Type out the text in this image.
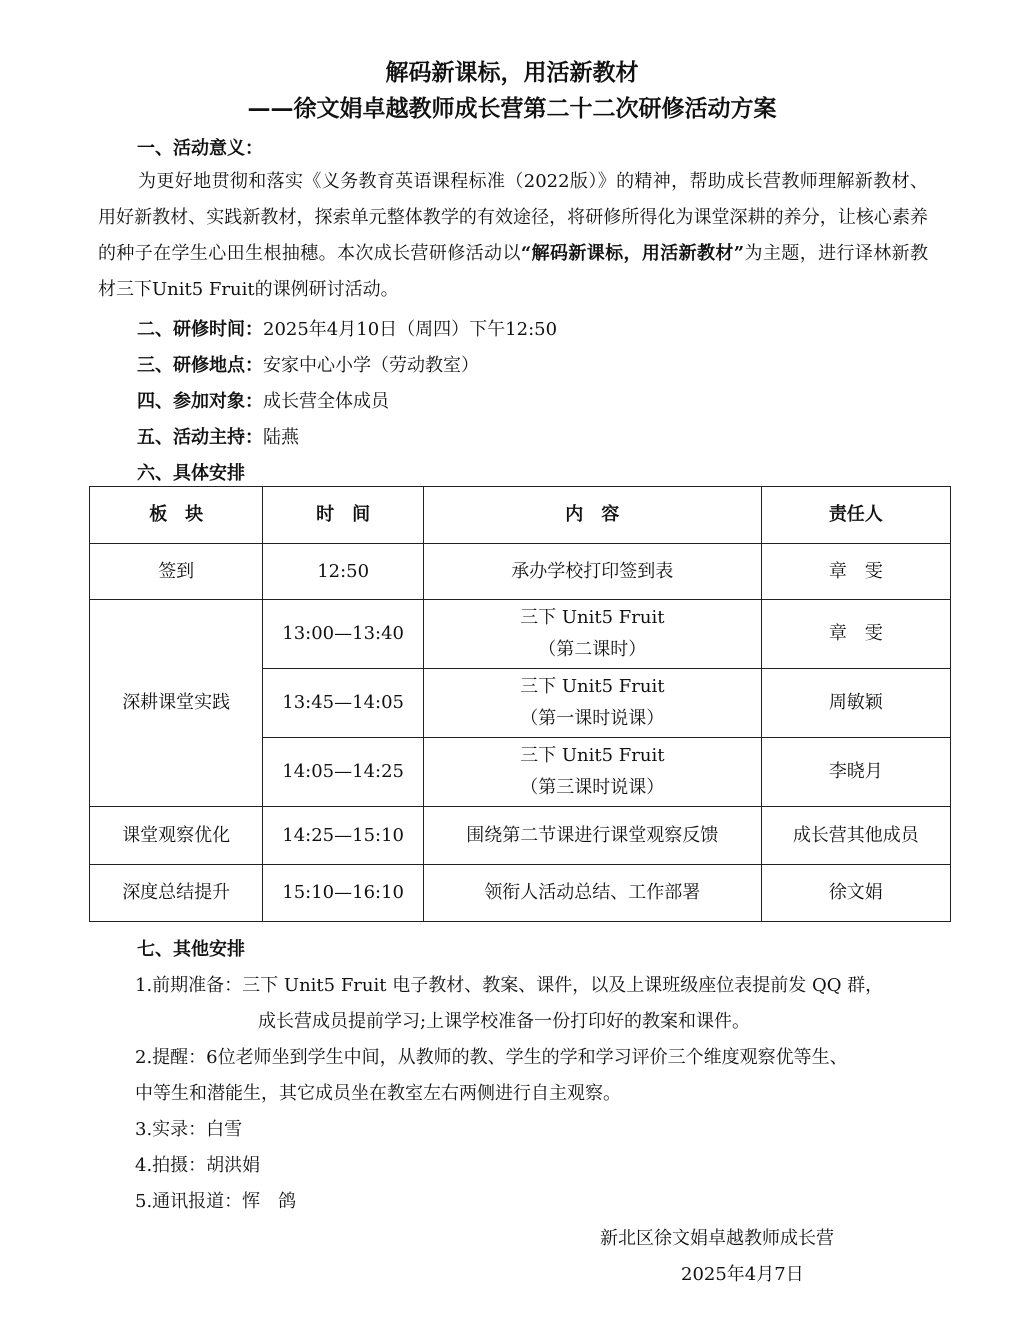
解码新课标，用活新教材
——徐文娟卓越教师成长营第二十二次研修活动方案
一、活动意义：
为更好地贯彻和落实《义务教育英语课程标准（2022版）》的精神，帮助成长营教师理解新教材、用好新教材、实践新教材，探索单元整体教学的有效途径，将研修所得化为课堂深耕的养分，让核心素养的种子在学生心田生根抽穗。本次成长营研修活动以“解码新课标，用活新教材”为主题，进行译林新教材三下Unit5 Fruit的课例研讨活动。
二、研修时间：2025年4月10日（周四）下午12:50
三、研修地点：安家中心小学（劳动教室）
四、参加对象：成长营全体成员
五、活动主持：陆燕
六、具体安排
板　块	时　间	内　容	责任人
签到	12:50	承办学校打印签到表	章　雯
深耕课堂实践	13:00—13:40	三下 Unit5 Fruit
（第二课时）	章　雯
	13:45—14:05	三下 Unit5 Fruit
（第一课时说课）	周敏颖
	14:05—14:25	三下 Unit5 Fruit
（第三课时说课）	李晓月
课堂观察优化	14:25—15:10	围绕第二节课进行课堂观察反馈	成长营其他成员
深度总结提升	15:10—16:10	领衔人活动总结、工作部署	徐文娟
七、其他安排
1.前期准备：三下 Unit5 Fruit 电子教材、教案、课件，以及上课班级座位表提前发 QQ 群，
成长营成员提前学习;上课学校准备一份打印好的教案和课件。
2.提醒：6位老师坐到学生中间，从教师的教、学生的学和学习评价三个维度观察优等生、
中等生和潜能生，其它成员坐在教室左右两侧进行自主观察。
3.实录：白雪
4.拍摄：胡洪娟
5.通讯报道：恽　鸽
新北区徐文娟卓越教师成长营
2025年4月7日
